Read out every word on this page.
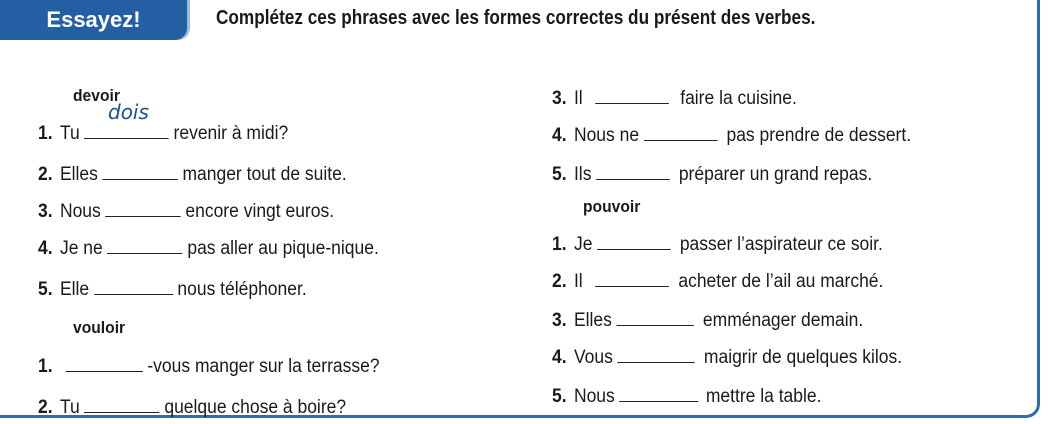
Essayez!	Complétez ces phrases avec les formes correctes du présent des verbes.
devoir
dois
1. Tu	revenir à midi?
2. Elles	manger tout de suite.
3. Nous	encore vingt euros.
4. Je ne	pas aller au pique-nique.
5. Elle	nous téléphoner.
vouloir
1.	-vous manger sur la terrasse?
2. Tu	quelque chose à boire?
3. Il	faire la cuisine.
4. Nous ne	pas prendre de dessert.
5. Ils	préparer un grand repas.
pouvoir
1. Je	passer l’aspirateur ce soir.
2. Il	acheter de l’ail au marché.
3. Elles	emménager demain.
4. Vous	maigrir de quelques kilos.
5. Nous	mettre la table.
